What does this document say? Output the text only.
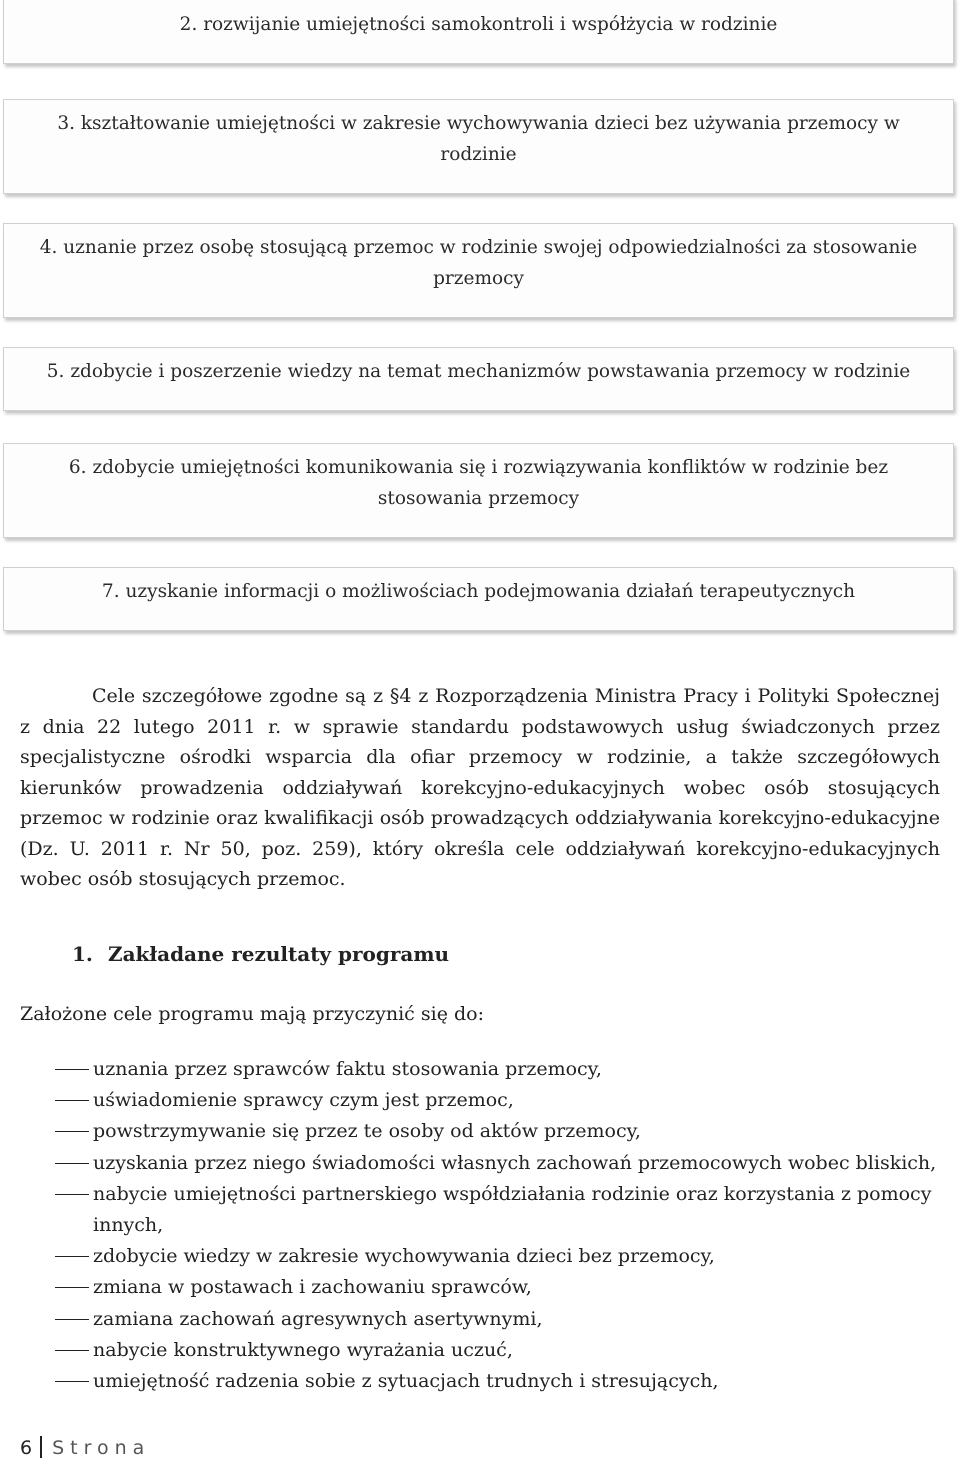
2. rozwijanie umiejętności samokontroli i współżycia w rodzinie
3. kształtowanie umiejętności w zakresie wychowywania dzieci bez używania przemocy w rodzinie
4. uznanie przez osobę stosującą przemoc w rodzinie swojej odpowiedzialności za stosowanie przemocy
5. zdobycie i poszerzenie wiedzy na temat mechanizmów powstawania przemocy w rodzinie
6. zdobycie umiejętności komunikowania się i rozwiązywania konfliktów w rodzinie bez stosowania przemocy
7. uzyskanie informacji o możliwościach podejmowania działań terapeutycznych

Cele szczegółowe zgodne są z §4 z Rozporządzenia Ministra Pracy i Polityki Społecznej z dnia 22 lutego 2011 r. w sprawie standardu podstawowych usług świadczonych przez specjalistyczne ośrodki wsparcia dla ofiar przemocy w rodzinie, a także szczegółowych kierunków prowadzenia oddziaływań korekcyjno-edukacyjnych wobec osób stosujących przemoc w rodzinie oraz kwalifikacji osób prowadzących oddziaływania korekcyjno-edukacyjne (Dz. U. 2011 r. Nr 50, poz. 259), który określa cele oddziaływań korekcyjno-edukacyjnych wobec osób stosujących przemoc.

1. Zakładane rezultaty programu
Założone cele programu mają przyczynić się do:
uznania przez sprawców faktu stosowania przemocy,
uświadomienie sprawcy czym jest przemoc,
powstrzymywanie się przez te osoby od aktów przemocy,
uzyskania przez niego świadomości własnych zachowań przemocowych wobec bliskich,
nabycie umiejętności partnerskiego współdziałania rodzinie oraz korzystania z pomocy innych,
zdobycie wiedzy w zakresie wychowywania dzieci bez przemocy,
zmiana w postawach i zachowaniu sprawców,
zamiana zachowań agresywnych asertywnymi,
nabycie konstruktywnego wyrażania uczuć,
umiejętność radzenia sobie z sytuacjach trudnych i stresujących,
6 Strona
